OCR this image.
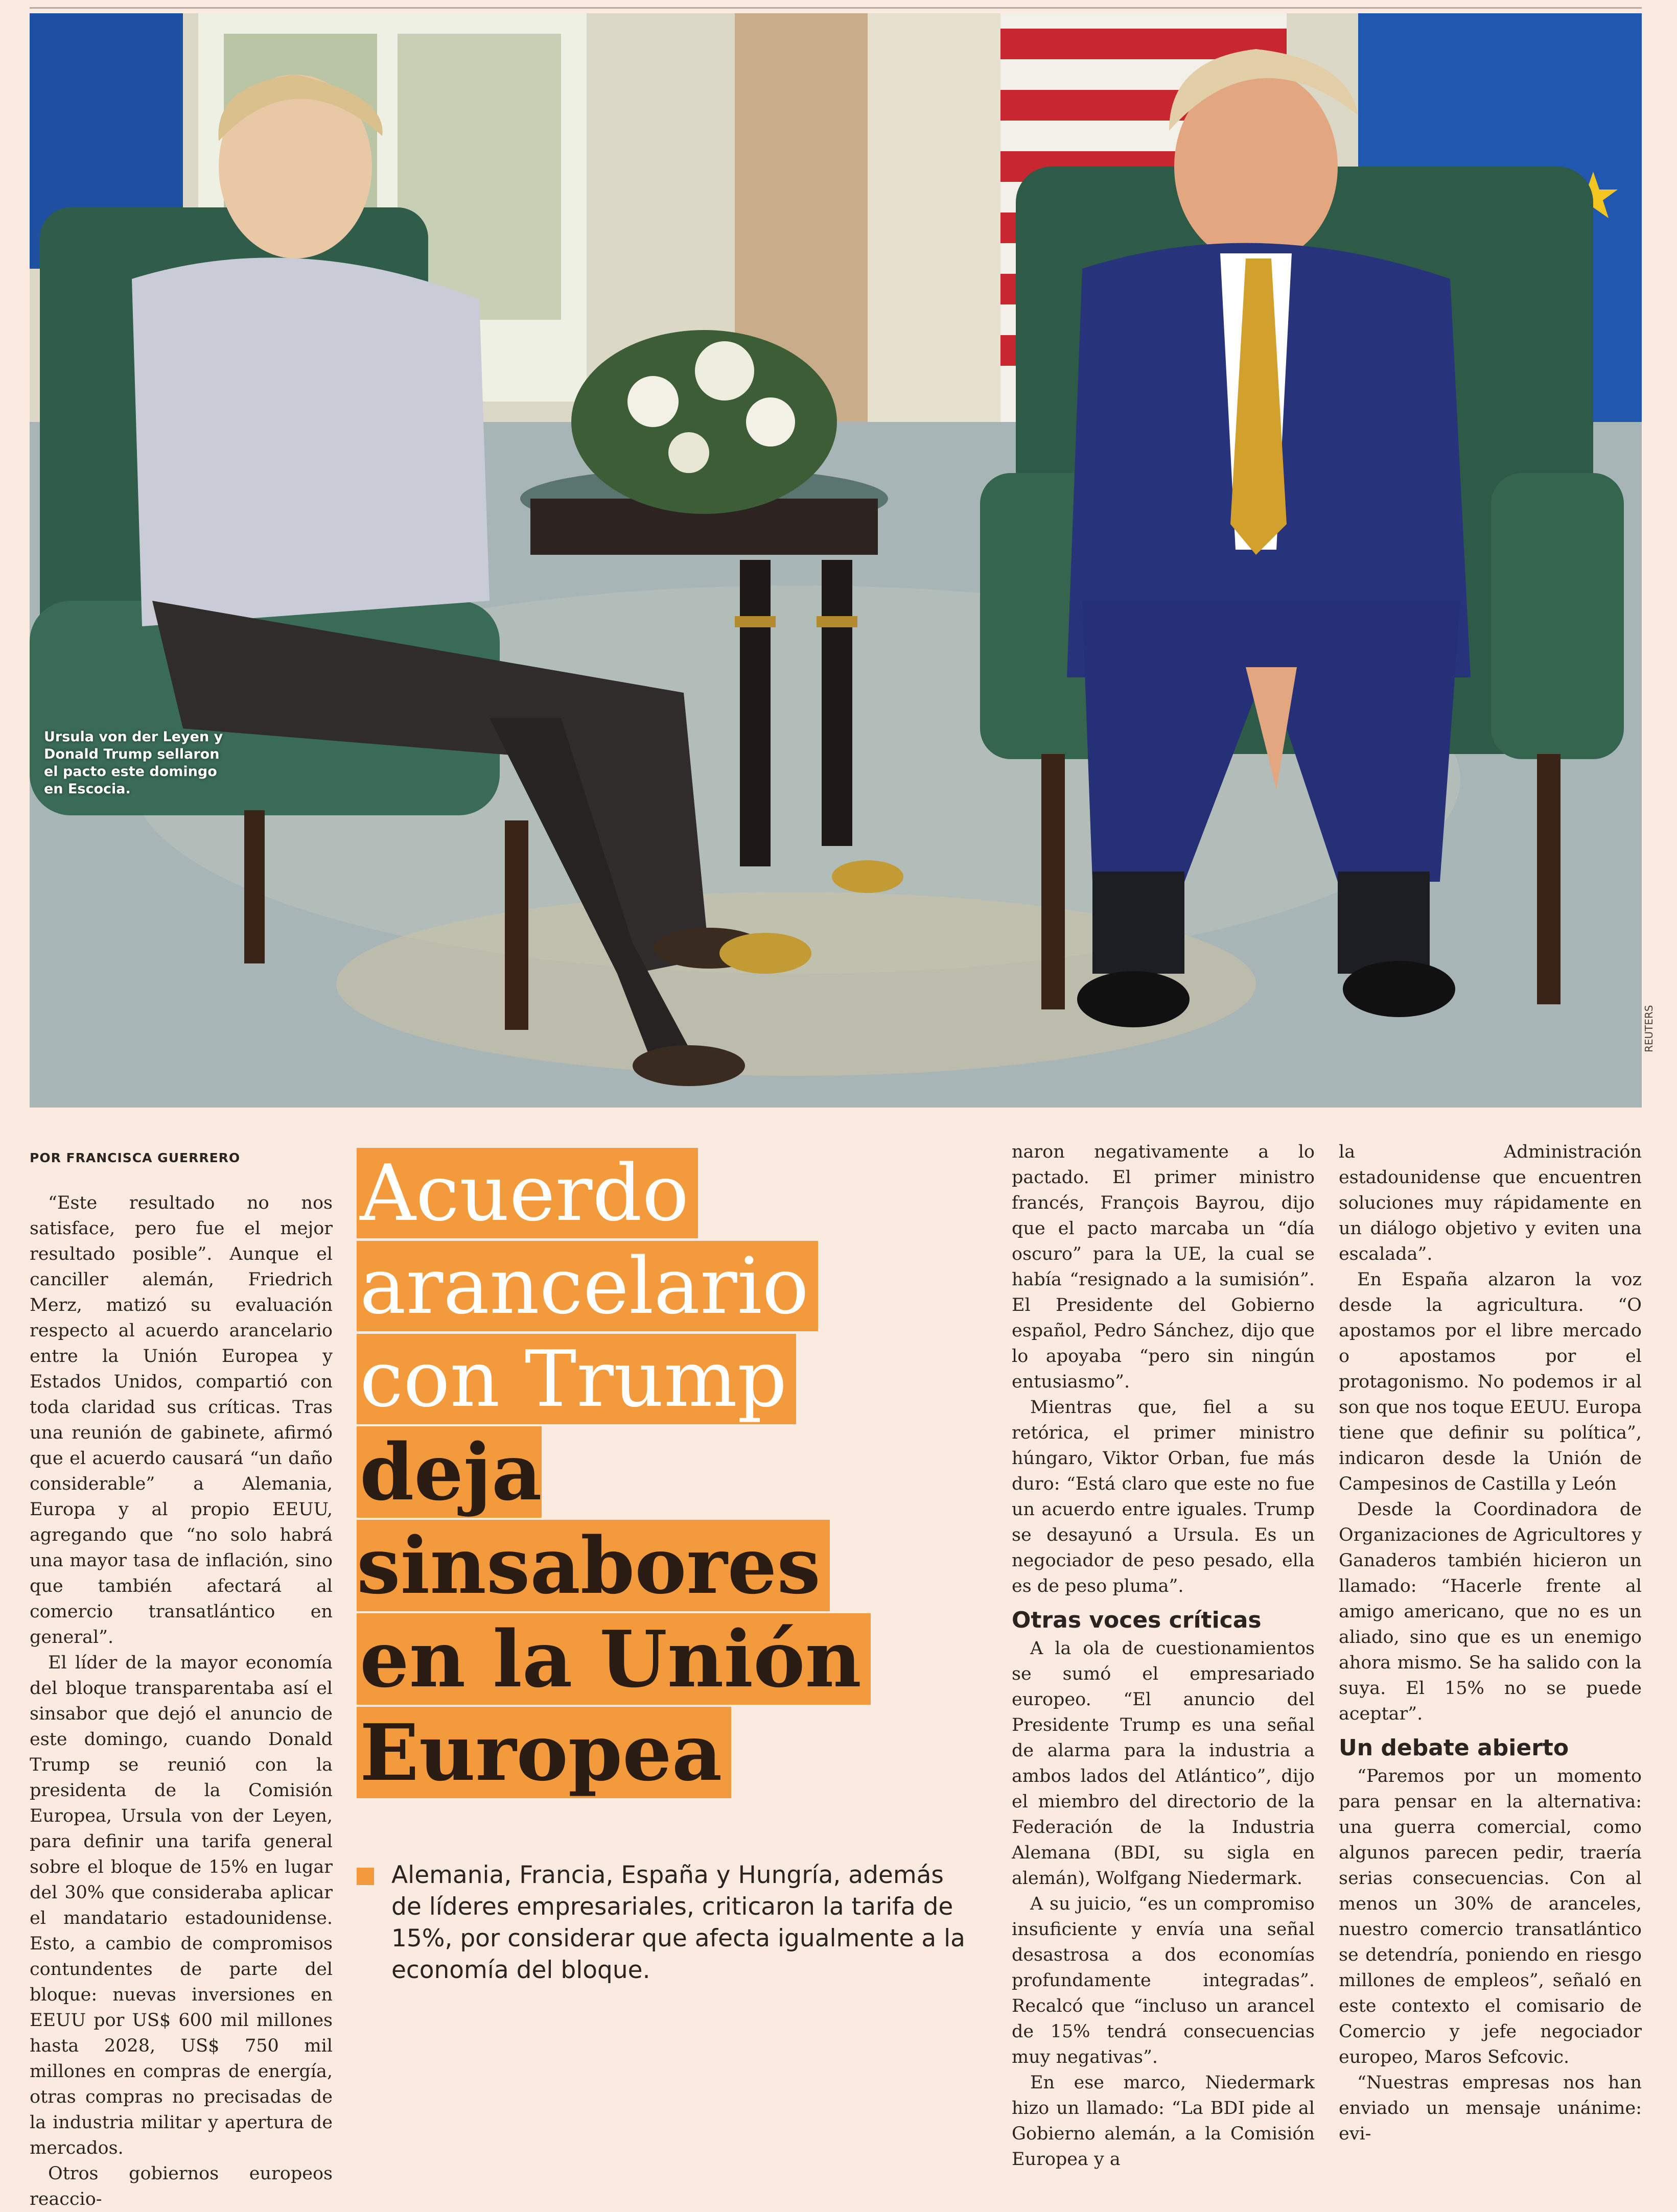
Ursula von der Leyen y Donald Trump sellaron el pacto este domingo en Escocia.
REUTERS
POR FRANCISCA GUERRERO

“Este resultado no nos satisface, pero fue el mejor resultado posible”. Aunque el canciller alemán, Friedrich Merz, matizó su evaluación respecto al acuerdo arancelario entre la Unión Europea y Estados Unidos, compartió con toda claridad sus críticas. Tras una reunión de gabinete, afirmó que el acuerdo causará “un daño considerable” a Alemania, Europa y al propio EEUU, agregando que “no solo habrá una mayor tasa de inflación, sino que también afectará al comercio transatlántico en general”.

El líder de la mayor economía del bloque transparentaba así el sinsabor que dejó el anuncio de este domingo, cuando Donald Trump se reunió con la presidenta de la Comisión Europea, Ursula von der Leyen, para definir una tarifa general sobre el bloque de 15% en lugar del 30% que consideraba aplicar el mandatario estadounidense. Esto, a cambio de compromisos contundentes de parte del bloque: nuevas inversiones en EEUU por US$ 600 mil millones hasta 2028, US$ 750 mil millones en compras de energía, otras compras no precisadas de la industria militar y apertura de mercados.

Otros gobiernos europeos reaccio-

Acuerdo
arancelario
con Trump
deja sinsabores
en la Unión
Europea
Alemania, Francia, España y Hungría, además de líderes empresariales, criticaron la tarifa de 15%, por considerar que afecta igualmente a la economía del bloque.

naron negativamente a lo pactado. El primer ministro francés, François Bayrou, dijo que el pacto marcaba un “día oscuro” para la UE, la cual se había “resignado a la sumisión”. El Presidente del Gobierno español, Pedro Sánchez, dijo que lo apoyaba “pero sin ningún entusiasmo”.

Mientras que, fiel a su retórica, el primer ministro húngaro, Viktor Orban, fue más duro: “Está claro que este no fue un acuerdo entre iguales. Trump se desayunó a Ursula. Es un negociador de peso pesado, ella es de peso pluma”.

Otras voces críticas

A la ola de cuestionamientos se sumó el empresariado europeo. “El anuncio del Presidente Trump es una señal de alarma para la industria a ambos lados del Atlántico”, dijo el miembro del directorio de la Federación de la Industria Alemana (BDI, su sigla en alemán), Wolfgang Niedermark.

A su juicio, “es un compromiso insuficiente y envía una señal desastrosa a dos economías profundamente integradas”. Recalcó que “incluso un arancel de 15% tendrá consecuencias muy negativas”.

En ese marco, Niedermark hizo un llamado: “La BDI pide al Gobierno alemán, a la Comisión Europea y a

la Administración estadounidense que encuentren soluciones muy rápidamente en un diálogo objetivo y eviten una escalada”.

En España alzaron la voz desde la agricultura. “O apostamos por el libre mercado o apostamos por el protagonismo. No podemos ir al son que nos toque EEUU. Europa tiene que definir su política”, indicaron desde la Unión de Campesinos de Castilla y León

Desde la Coordinadora de Organizaciones de Agricultores y Ganaderos también hicieron un llamado: “Hacerle frente al amigo americano, que no es un aliado, sino que es un enemigo ahora mismo. Se ha salido con la suya. El 15% no se puede aceptar”.

Un debate abierto

“Paremos por un momento para pensar en la alternativa: una guerra comercial, como algunos parecen pedir, traería serias consecuencias. Con al menos un 30% de aranceles, nuestro comercio transatlántico se detendría, poniendo en riesgo millones de empleos”, señaló en este contexto el comisario de Comercio y jefe negociador europeo, Maros Sefcovic.

“Nuestras empresas nos han enviado un mensaje unánime: evi-
